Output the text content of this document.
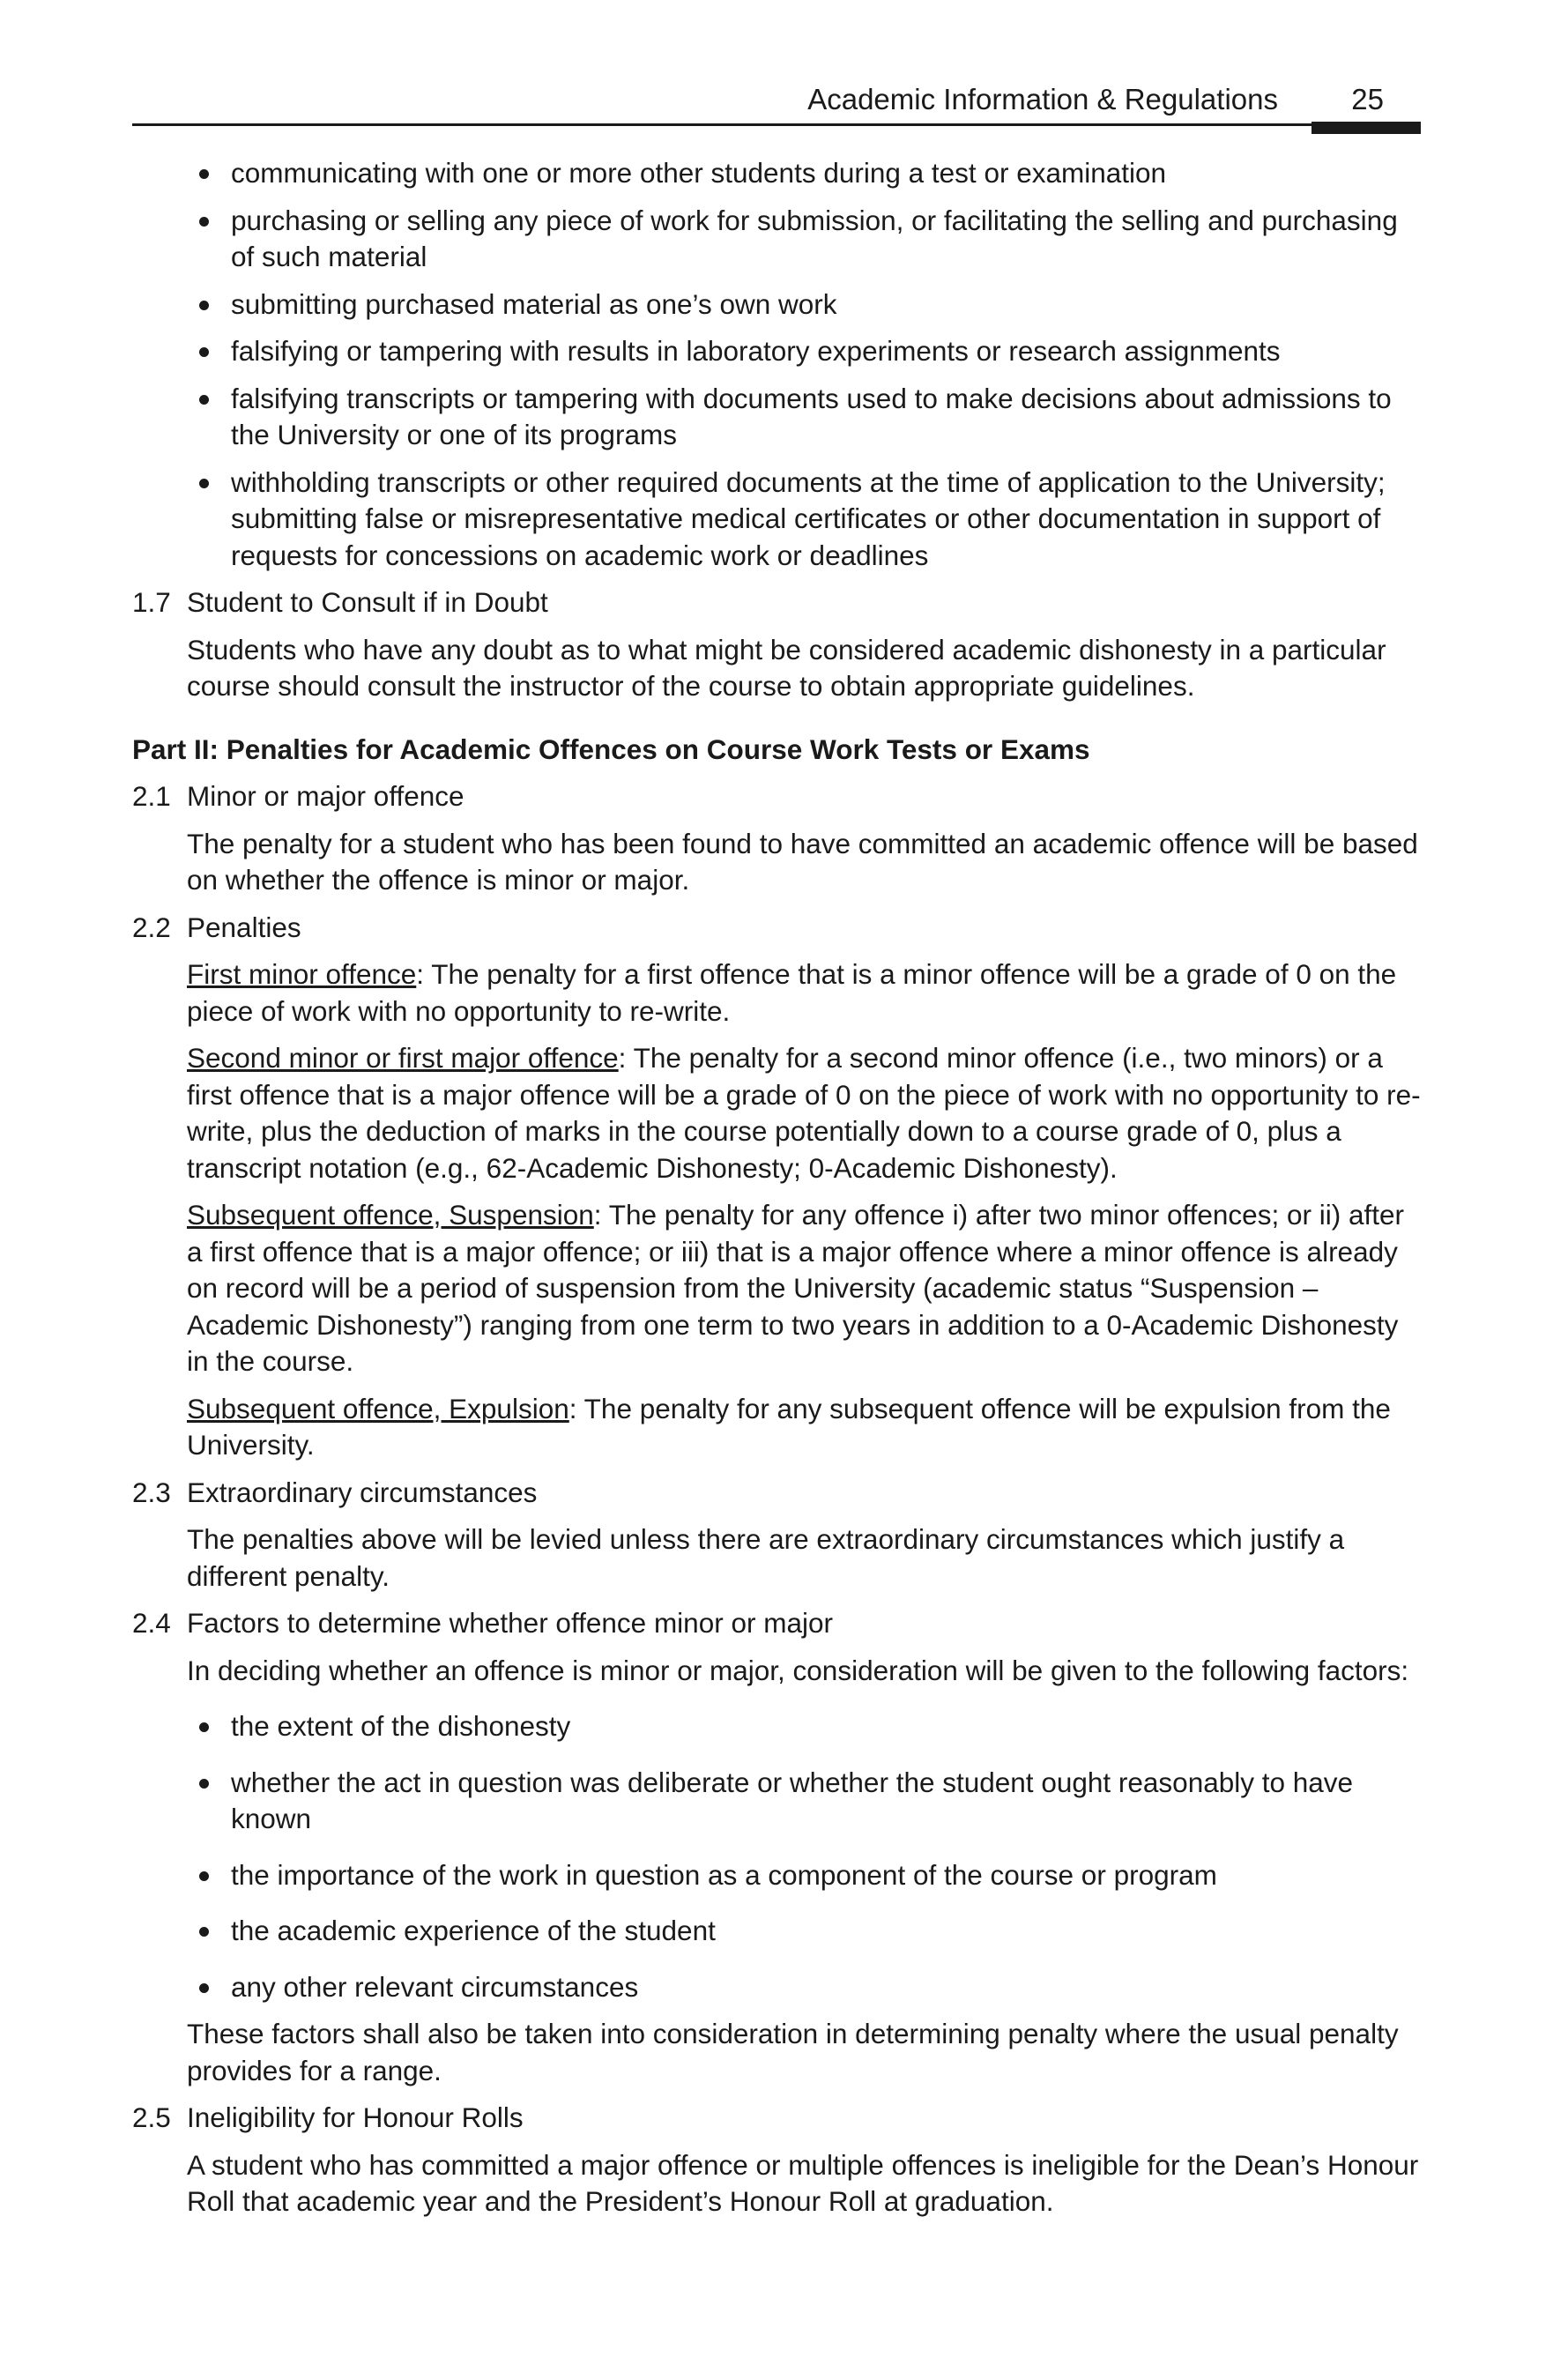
Academic Information & Regulations	25
communicating with one or more other students during a test or examination
purchasing or selling any piece of work for submission, or facilitating the selling and purchasing of such material
submitting purchased material as one’s own work
falsifying or tampering with results in laboratory experiments or research assignments
falsifying transcripts or tampering with documents used to make decisions about admissions to the University or one of its programs
withholding transcripts or other required documents at the time of application to the University; submitting false or misrepresentative medical certificates or other documentation in support of requests for concessions on academic work or deadlines
1.7 Student to Consult if in Doubt

Students who have any doubt as to what might be considered academic dishonesty in a particular course should consult the instructor of the course to obtain appropriate guidelines.

Part II: Penalties for Academic Offences on Course Work Tests or Exams
2.1 Minor or major offence

The penalty for a student who has been found to have committed an academic offence will be based on whether the offence is minor or major.

2.2 Penalties

First minor offence: The penalty for a first offence that is a minor offence will be a grade of 0 on the piece of work with no opportunity to re-write.

Second minor or first major offence: The penalty for a second minor offence (i.e., two minors) or a first offence that is a major offence will be a grade of 0 on the piece of work with no opportunity to re-write, plus the deduction of marks in the course potentially down to a course grade of 0, plus a transcript notation (e.g., 62-Academic Dishonesty; 0-Academic Dishonesty).

Subsequent offence, Suspension: The penalty for any offence i) after two minor offences; or ii) after a first offence that is a major offence; or iii) that is a major offence where a minor offence is already on record will be a period of suspension from the University (academic status “Suspension – Academic Dishonesty”) ranging from one term to two years in addition to a 0-Academic Dishonesty in the course.

Subsequent offence, Expulsion: The penalty for any subsequent offence will be expulsion from the University.

2.3 Extraordinary circumstances

The penalties above will be levied unless there are extraordinary circumstances which justify a different penalty.

2.4 Factors to determine whether offence minor or major

In deciding whether an offence is minor or major, consideration will be given to the following factors:

the extent of the dishonesty
whether the act in question was deliberate or whether the student ought reasonably to have known
the importance of the work in question as a component of the course or program
the academic experience of the student
any other relevant circumstances

These factors shall also be taken into consideration in determining penalty where the usual penalty provides for a range.

2.5 Ineligibility for Honour Rolls

A student who has committed a major offence or multiple offences is ineligible for the Dean’s Honour Roll that academic year and the President’s Honour Roll at graduation.
